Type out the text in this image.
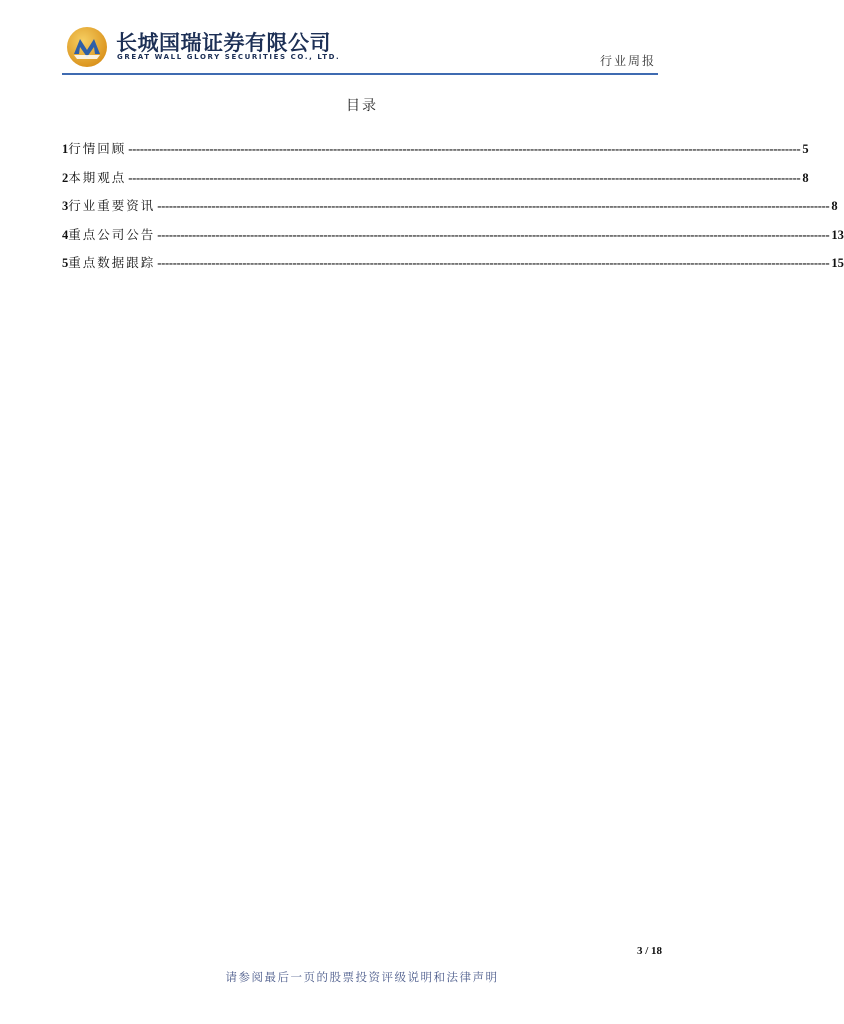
长城国瑞证券有限公司
GREAT WALL GLORY SECURITIES CO., LTD.	行业周报
目录
1 行情回顾 ------------------------------------------------------------------------------------------------------------------------------------------------------------------------------ 5
2 本期观点 ------------------------------------------------------------------------------------------------------------------------------------------------------------------------------ 8
3 行业重要资讯 ------------------------------------------------------------------------------------------------------------------------------------------------------------------------------ 8
4 重点公司公告 ------------------------------------------------------------------------------------------------------------------------------------------------------------------------------ 13
5 重点数据跟踪 ------------------------------------------------------------------------------------------------------------------------------------------------------------------------------ 15
3 / 18
请参阅最后一页的股票投资评级说明和法律声明
